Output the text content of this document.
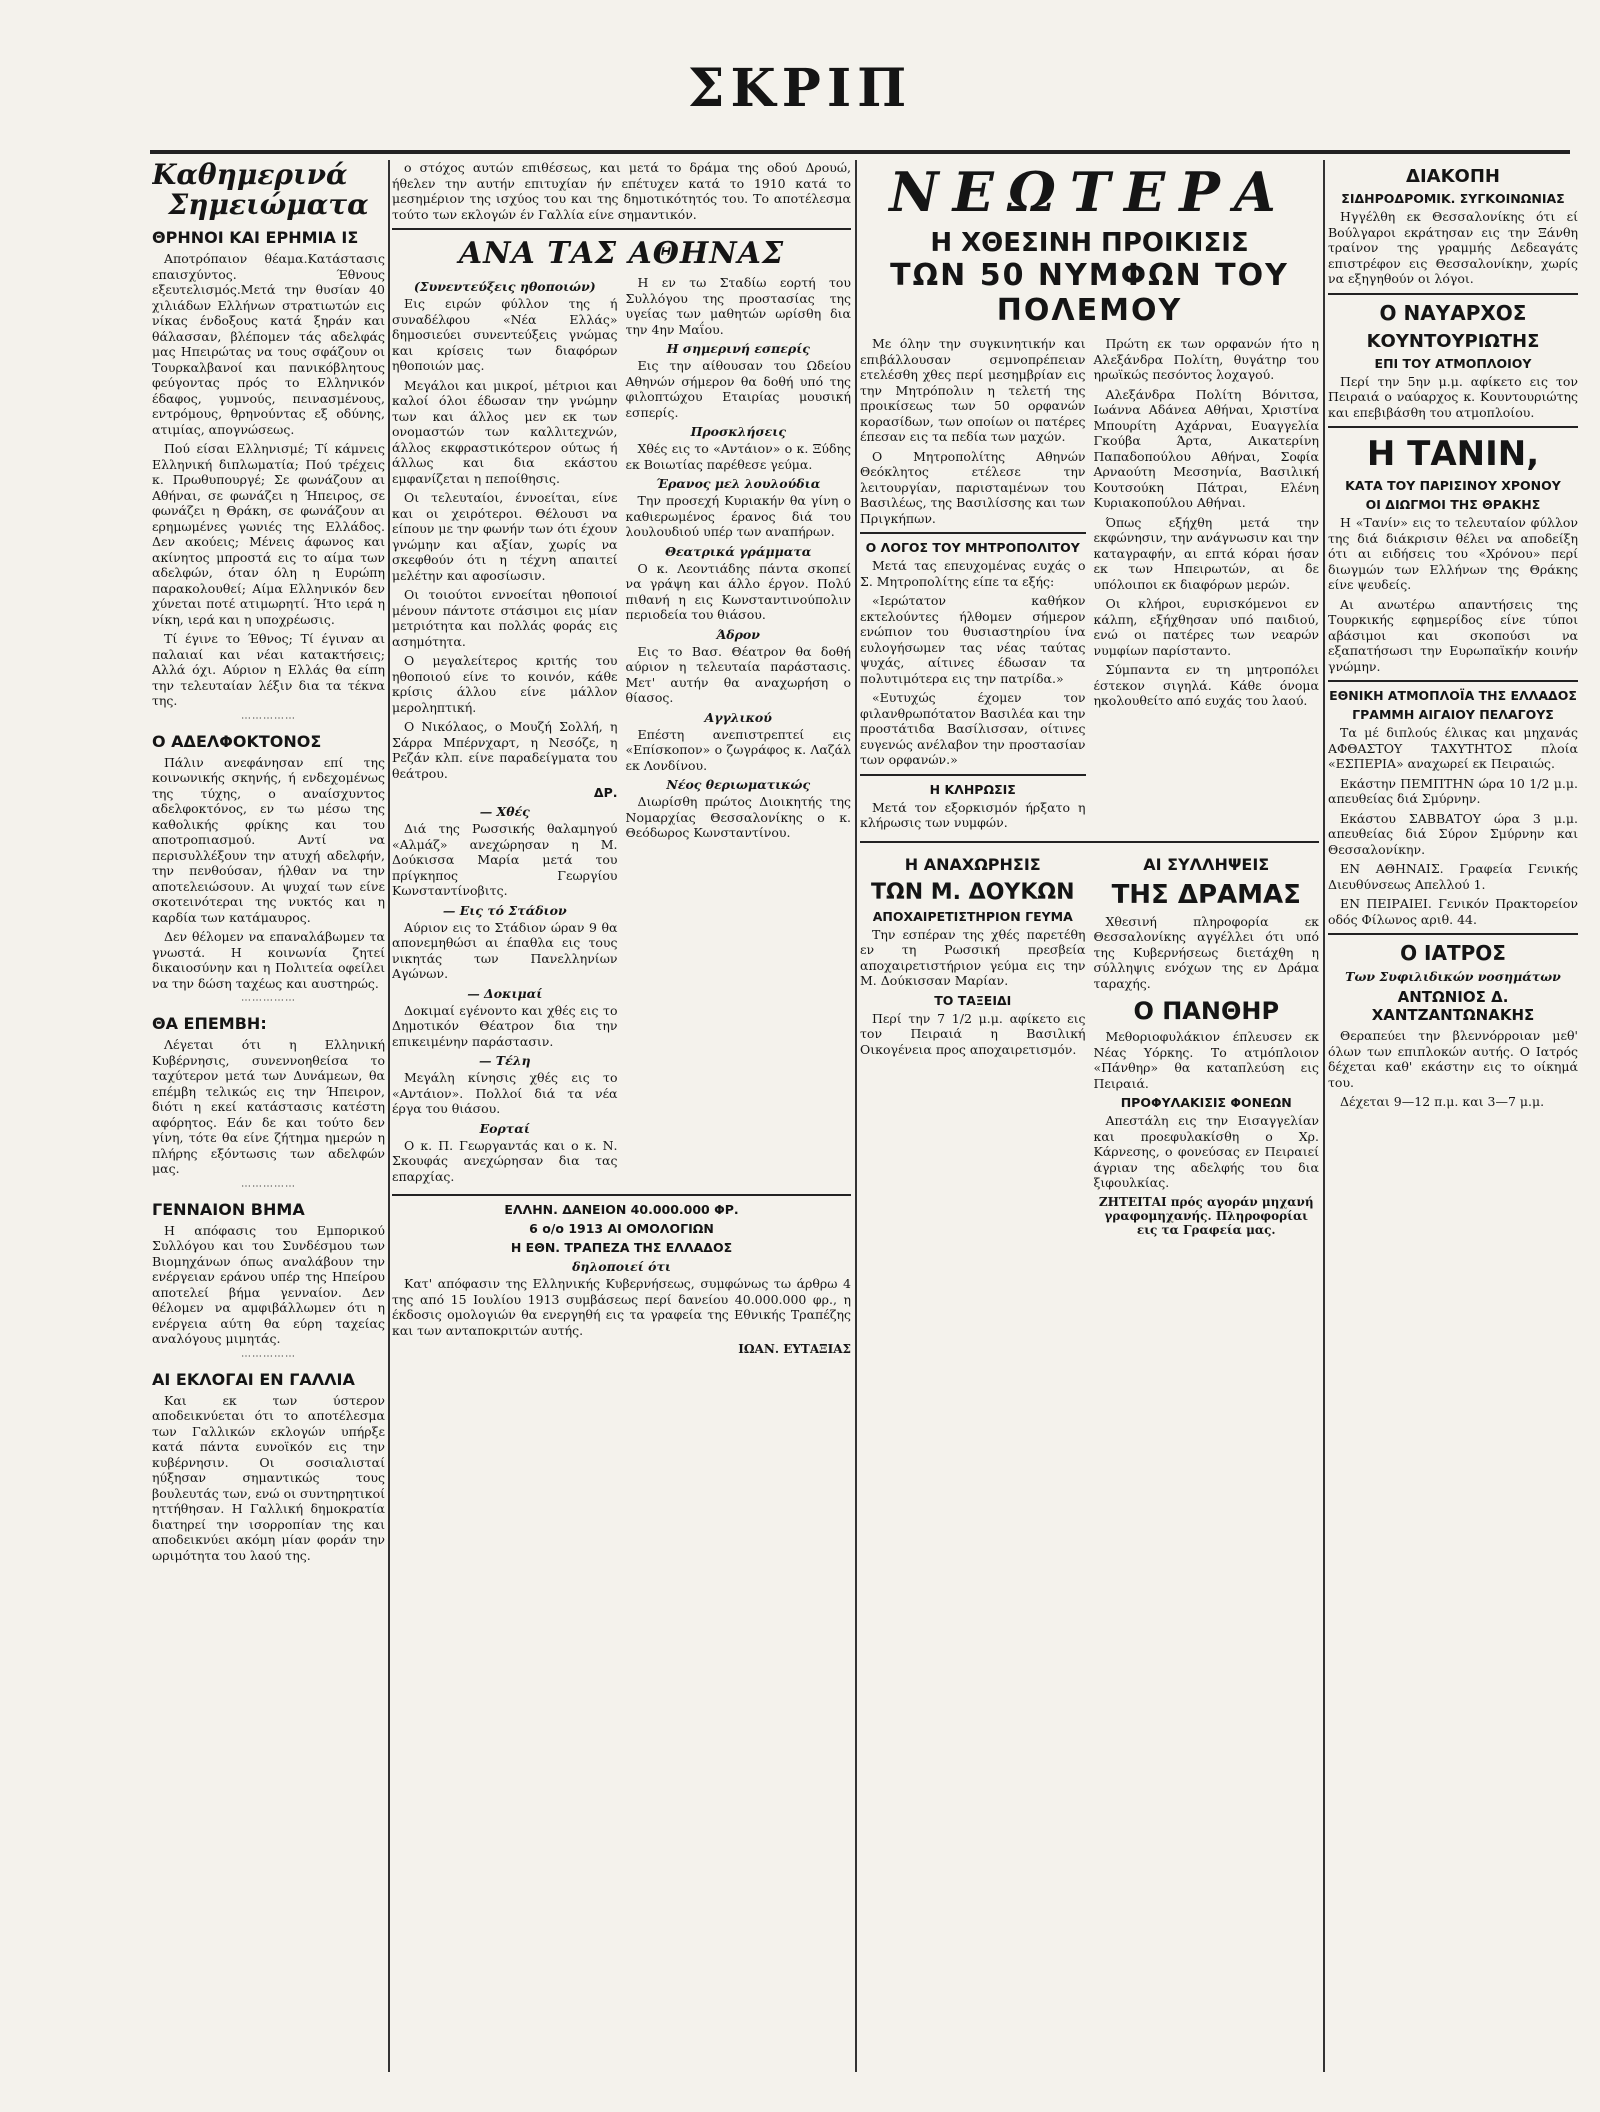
ΣΚΡΙΠ

Καθημερινά

Σημειώματα

ΘΡΗΝΟΙ ΚΑΙ ΕΡΗΜΙΑ ΙΣ

Αποτρόπαιον θέαμα.Κατάστασις επαισχύντος. Έθνους εξευτελισμός.Μετά την θυσίαν 40 χιλιάδων Ελλήνων στρατιωτών εις νίκας ένδοξους κατά ξηράν και θάλασσαν, βλέπομεν τάς αδελφάς μας Ηπειρώτας να τους σφάζουν οι Τουρκαλβανοί και πανικόβλητους φεύγοντας πρός το Ελληνικόν έδαφος, γυμνούς, πεινασμένους, εντρόμους, θρηνούντας εξ οδύνης, ατιμίας, απογνώσεως.

Πού είσαι Ελληνισμέ; Τί κάμνεις Ελληνική διπλωματία; Πού τρέχεις κ. Πρωθυπουργέ; Σε φωνάζουν αι Αθήναι, σε φωνάζει η Ήπειρος, σε φωνάζει η Θράκη, σε φωνάζουν αι ερημωμένες γωνιές της Ελλάδος. Δεν ακούεις; Μένεις άφωνος και ακίνητος μπροστά εις το αίμα των αδελφών, όταν όλη η Ευρώπη παρακολουθεί; Αίμα Ελληνικόν δεν χύνεται ποτέ ατιμωρητί. Ήτο ιερά η νίκη, ιερά και η υποχρέωσις.

Τί έγινε το Έθνος; Τί έγιναν αι παλαιαί και νέαι κατακτήσεις; Αλλά όχι. Αύριον η Ελλάς θα είπη την τελευταίαν λέξιν δια τα τέκνα της.

⋯⋯⋯⋯⋯
Ο ΑΔΕΛΦΟΚΤΟΝΟΣ

Πάλιν ανεφάνησαν επί της κοινωνικής σκηνής, ή ενδεχομένως της τύχης, ο αναίσχυντος αδελφοκτόνος, εν τω μέσω της καθολικής φρίκης και του αποτροπιασμού. Αντί να περισυλλέξουν την ατυχή αδελφήν, την πενθούσαν, ήλθαν να την αποτελειώσουν. Αι ψυχαί των είνε σκοτεινότεραι της νυκτός και η καρδία των κατάμαυρος.

Δεν θέλομεν να επαναλάβωμεν τα γνωστά. Η κοινωνία ζητεί δικαιοσύνην και η Πολιτεία οφείλει να την δώση ταχέως και αυστηρώς.

⋯⋯⋯⋯⋯
ΘΑ ΕΠΕΜΒΗ:

Λέγεται ότι η Ελληνική Κυβέρνησις, συνεννοηθείσα το ταχύτερον μετά των Δυνάμεων, θα επέμβη τελικώς εις την Ήπειρον, διότι η εκεί κατάστασις κατέστη αφόρητος. Εάν δε και τούτο δεν γίνη, τότε θα είνε ζήτημα ημερών η πλήρης εξόντωσις των αδελφών μας.

⋯⋯⋯⋯⋯
ΓΕΝΝΑΙΟΝ ΒΗΜΑ

Η απόφασις του Εμπορικού Συλλόγου και του Συνδέσμου των Βιομηχάνων όπως αναλάβουν την ενέργειαν εράνου υπέρ της Ηπείρου αποτελεί βήμα γενναίον. Δεν θέλομεν να αμφιβάλλωμεν ότι η ενέργεια αύτη θα εύρη ταχείας αναλόγους μιμητάς.

⋯⋯⋯⋯⋯
ΑΙ ΕΚΛΟΓΑΙ ΕΝ ΓΑΛΛΙΑ

Και εκ των ύστερον αποδεικνύεται ότι το αποτέλεσμα των Γαλλικών εκλογών υπήρξε κατά πάντα ευνοϊκόν εις την κυβέρνησιν. Οι σοσιαλισταί ηύξησαν σημαντικώς τους βουλευτάς των, ενώ οι συντηρητικοί ηττήθησαν. Η Γαλλική δημοκρατία διατηρεί την ισορροπίαν της και αποδεικνύει ακόμη μίαν φοράν την ωριμότητα του λαού της.

ο στόχος αυτών επιθέσεως, και μετά το δράμα της οδού Δρουώ, ήθελεν την αυτήν επιτυχίαν ήν επέτυχεν κατά το 1910 κατά το μεσημέριον της ισχύος του και της δημοτικότητός του. Το αποτέλεσμα τούτο των εκλογών έν Γαλλία είνε σημαντικόν.

ΑΝΑ ΤΑΣ ΑΘΗΝΑΣ
(Συνεντεύξεις ηθοποιών)

Εις ειρών φύλλον της ή συναδέλφου «Νέα Ελλάς» δημοσιεύει συνεντεύξεις γνώμας και κρίσεις των διαφόρων ηθοποιών μας.

Μεγάλοι και μικροί, μέτριοι και καλοί όλοι έδωσαν την γνώμην των και άλλος μεν εκ των ονομαστών των καλλιτεχνών, άλλος εκφραστικότερον ούτως ή άλλως και δια εκάστου εμφανίζεται η πεποίθησις.

Οι τελευταίοι, έννοείται, είνε και οι χειρότεροι. Θέλουσι να είπουν με την φωνήν των ότι έχουν γνώμην και αξίαν, χωρίς να σκεφθούν ότι η τέχνη απαιτεί μελέτην και αφοσίωσιν.

Οι τοιούτοι εννοείται ηθοποιοί μένουν πάντοτε στάσιμοι εις μίαν μετριότητα και πολλάς φοράς εις ασημότητα.

Ο μεγαλείτερος κριτής του ηθοποιού είνε το κοινόν, κάθε κρίσις άλλου είνε μάλλον μεροληπτική.

Ο Νικόλαος, ο Μουζή Σολλή, η Σάρρα Μπέρνχαρτ, η Νεσόζε, η Ρεζάν κλπ. είνε παραδείγματα του θεάτρου.

ΔΡ.
— Χθές

Διά της Ρωσσικής θαλαμηγού «Αλμάζ» ανεχώρησαν η Μ. Δούκισσα Μαρία μετά του πρίγκηπος Γεωργίου Κωνσταντίνοβιτς.

— Εις τό Στάδιον

Αύριον εις το Στάδιον ώραν 9 θα απονεμηθώσι αι έπαθλα εις τους νικητάς των Πανελληνίων Αγώνων.

— Δοκιμαί

Δοκιμαί εγένοντο και χθές εις το Δημοτικόν Θέατρον δια την επικειμένην παράστασιν.

— Τέλη

Μεγάλη κίνησις χθές εις το «Αντάιον». Πολλοί διά τα νέα έργα του θιάσου.

Εορταί

Ο κ. Π. Γεωργαντάς και ο κ. Ν. Σκουφάς ανεχώρησαν δια τας επαρχίας.

Η εν τω Σταδίω εορτή του Συλλόγου της προστασίας της υγείας των μαθητών ωρίσθη δια την 4ην Μαΐου.

Η σημερινή εσπερίς

Εις την αίθουσαν του Ωδείου Αθηνών σήμερον θα δοθή υπό της φιλοπτώχου Εταιρίας μουσική εσπερίς.

Προσκλήσεις

Χθές εις το «Αντάιον» ο κ. Ξύδης εκ Βοιωτίας παρέθεσε γεύμα.

Έρανος μελ λουλούδια

Την προσεχή Κυριακήν θα γίνη ο καθιερωμένος έρανος διά του λουλουδιού υπέρ των αναπήρων.

Θεατρικά γράμματα

Ο κ. Λεοντιάδης πάντα σκοπεί να γράψη και άλλο έργον. Πολύ πιθανή η εις Κωνσταντινούπολιν περιοδεία του θιάσου.

Άδρον

Εις το Βασ. Θέατρον θα δοθή αύριον η τελευταία παράστασις. Μετ' αυτήν θα αναχωρήση ο θίασος.

Αγγλικού

Επέστη ανεπιστρεπτεί εις «Επίσκοπον» ο ζωγράφος κ. Λαζάλ εκ Λονδίνου.

Νέος θεριωματικώς

Διωρίσθη πρώτος Διοικητής της Νομαρχίας Θεσσαλονίκης ο κ. Θεόδωρος Κωνσταντίνου.

ΕΛΛΗΝ. ΔΑΝΕΙΟΝ 40.000.000 ΦΡ.
6 ο/ο 1913 ΑΙ ΟΜΟΛΟΓΙΩΝ
Η ΕΘΝ. ΤΡΑΠΕΖΑ ΤΗΣ ΕΛΛΑΔΟΣ
δηλοποιεί ότι

Κατ' απόφασιν της Ελληνικής Κυβερνήσεως, συμφώνως τω άρθρω 4 της από 15 Ιουλίου 1913 συμβάσεως περί δανείου 40.000.000 φρ., η έκδοσις ομολογιών θα ενεργηθή εις τα γραφεία της Εθνικής Τραπέζης και των ανταποκριτών αυτής.

ΙΩΑΝ. ΕΥΤΑΞΙΑΣ

ΝΕΩΤΕΡΑ

Η ΧΘΕΣΙΝΗ ΠΡΟΙΚΙΣΙΣ
ΤΩΝ 50 ΝΥΜΦΩΝ ΤΟΥ ΠΟΛΕΜΟΥ

Με όλην την συγκινητικήν και επιβάλλουσαν σεμνοπρέπειαν ετελέσθη χθες περί μεσημβρίαν εις την Μητρόπολιν η τελετή της προικίσεως των 50 ορφανών κορασίδων, των οποίων οι πατέρες έπεσαν εις τα πεδία των μαχών.

Ο Μητροπολίτης Αθηνών Θεόκλητος ετέλεσε την λειτουργίαν, παρισταμένων του Βασιλέως, της Βασιλίσσης και των Πριγκήπων.

Ο ΛΟΓΟΣ ΤΟΥ ΜΗΤΡΟΠΟΛΙΤΟΥ

Μετά τας επευχομένας ευχάς ο Σ. Μητροπολίτης είπε τα εξής:

«Ιερώτατον καθήκον εκτελούντες ήλθομεν σήμερον ενώπιον του θυσιαστηρίου ίνα ευλογήσωμεν τας νέας ταύτας ψυχάς, αίτινες έδωσαν τα πολυτιμότερα εις την πατρίδα.»

«Ευτυχώς έχομεν τον φιλανθρωπότατον Βασιλέα και την προστάτιδα Βασίλισσαν, οίτινες ευγενώς ανέλαβον την προστασίαν των ορφανών.»

Η ΚΛΗΡΩΣΙΣ

Μετά τον εξορκισμόν ήρξατο η κλήρωσις των νυμφών.

Πρώτη εκ των ορφανών ήτο η Αλεξάνδρα Πολίτη, θυγάτηρ του ηρωϊκώς πεσόντος λοχαγού.

Αλεξάνδρα Πολίτη Βόνιτσα, Ιωάννα Αδάνεα Αθήναι, Χριστίνα Μπουρίτη Αχάρναι, Ευαγγελία Γκούβα Άρτα, Αικατερίνη Παπαδοπούλου Αθήναι, Σοφία Αρναούτη Μεσσηνία, Βασιλική Κουτσούκη Πάτραι, Ελένη Κυριακοπούλου Αθήναι.

Όπως εξήχθη μετά την εκφώνησιν, την ανάγνωσιν και την καταγραφήν, αι επτά κόραι ήσαν εκ των Ηπειρωτών, αι δε υπόλοιποι εκ διαφόρων μερών.

Οι κλήροι, ευρισκόμενοι εν κάλπη, εξήχθησαν υπό παιδιού, ενώ οι πατέρες των νεαρών νυμφίων παρίσταντο.

Σύμπαντα εν τη μητροπόλει έστεκον σιγηλά. Κάθε όνομα ηκολουθείτο από ευχάς του λαού.

Η ΑΝΑΧΩΡΗΣΙΣ
ΤΩΝ Μ. ΔΟΥΚΩΝ
ΑΠΟΧΑΙΡΕΤΙΣΤΗΡΙΟΝ ΓΕΥΜΑ

Την εσπέραν της χθές παρετέθη εν τη Ρωσσική πρεσβεία αποχαιρετιστήριον γεύμα εις την Μ. Δούκισσαν Μαρίαν.

ΤΟ ΤΑΞΕΙΔΙ

Περί την 7 1/2 μ.μ. αφίκετο εις τον Πειραιά η Βασιλική Οικογένεια προς αποχαιρετισμόν.

ΑΙ ΣΥΛΛΗΨΕΙΣ
ΤΗΣ ΔΡΑΜΑΣ

Χθεσινή πληροφορία εκ Θεσσαλονίκης αγγέλλει ότι υπό της Κυβερνήσεως διετάχθη η σύλληψις ενόχων της εν Δράμα ταραχής.

Ο ΠΑΝΘΗΡ

Μεθοριοφυλάκιον έπλευσεν εκ Νέας Υόρκης. Το ατμόπλοιον «Πάνθηρ» θα καταπλεύση εις Πειραιά.

ΠΡΟΦΥΛΑΚΙΣΙΣ ΦΟΝΕΩΝ

Απεστάλη εις την Εισαγγελίαν και προεφυλακίσθη ο Χρ. Κάρνεσης, ο φονεύσας εν Πειραιεί άγριαν της αδελφής του δια ξιφουλκίας.

ΖΗΤΕΙΤΑΙ πρός αγοράν μηχανή γραφομηχανής. Πληροφορίαι εις τα Γραφεία μας.
ΔΙΑΚΟΠΗ
ΣΙΔΗΡΟΔΡΟΜΙΚ. ΣΥΓΚΟΙΝΩΝΙΑΣ

Ηγγέλθη εκ Θεσσαλονίκης ότι εί Βούλγαροι εκράτησαν εις την Ξάνθη τραίνον της γραμμής Δεδεαγάτς επιστρέφον εις Θεσσαλονίκην, χωρίς να εξηγηθούν οι λόγοι.

Ο ΝΑΥΑΡΧΟΣ
ΚΟΥΝΤΟΥΡΙΩΤΗΣ
ΕΠΙ ΤΟΥ ΑΤΜΟΠΛΟΙΟΥ

Περί την 5ην μ.μ. αφίκετο εις τον Πειραιά ο ναύαρχος κ. Κουντουριώτης και επεβιβάσθη του ατμοπλοίου.

Η ΤΑΝΙΝ,
ΚΑΤΑ ΤΟΥ ΠΑΡΙΣΙΝΟΥ ΧΡΟΝΟΥ
ΟΙ ΔΙΩΓΜΟΙ ΤΗΣ ΘΡΑΚΗΣ

Η «Τανίν» εις το τελευταίον φύλλον της διά διάκρισιν θέλει να αποδείξη ότι αι ειδήσεις του «Χρόνου» περί διωγμών των Ελλήνων της Θράκης είνε ψευδείς.

Αι ανωτέρω απαντήσεις της Τουρκικής εφημερίδος είνε τύποι αβάσιμοι και σκοπούσι να εξαπατήσωσι την Ευρωπαϊκήν κοινήν γνώμην.

ΕΘΝΙΚΗ ΑΤΜΟΠΛΟΪΑ ΤΗΣ ΕΛΛΑΔΟΣ
ΓΡΑΜΜΗ ΑΙΓΑΙΟΥ ΠΕΛΑΓΟΥΣ

Τα μέ διπλούς έλικας και μηχανάς ΑΦΘΑΣΤΟΥ ΤΑΧΥΤΗΤΟΣ πλοία «ΕΣΠΕΡΙΑ» αναχωρεί εκ Πειραιώς.

Εκάστην ΠΕΜΠΤΗΝ ώρα 10 1/2 μ.μ. απευθείας διά Σμύρνην.

Εκάστου ΣΑΒΒΑΤΟΥ ώρα 3 μ.μ. απευθείας διά Σύρον Σμύρνην και Θεσσαλονίκην.

ΕΝ ΑΘΗΝΑΙΣ. Γραφεία Γενικής Διευθύνσεως Απελλού 1.

ΕΝ ΠΕΙΡΑΙΕΙ. Γενικόν Πρακτορείον οδός Φίλωνος αριθ. 44.

Ο ΙΑΤΡΟΣ
Των Συφιλιδικών νοσημάτων
ΑΝΤΩΝΙΟΣ Δ. ΧΑΝΤΖΑΝΤΩΝΑΚΗΣ

Θεραπεύει την βλεννόρροιαν μεθ' όλων των επιπλοκών αυτής. Ο Ιατρός δέχεται καθ' εκάστην εις το οίκημά του.

Δέχεται 9—12 π.μ. και 3—7 μ.μ.
